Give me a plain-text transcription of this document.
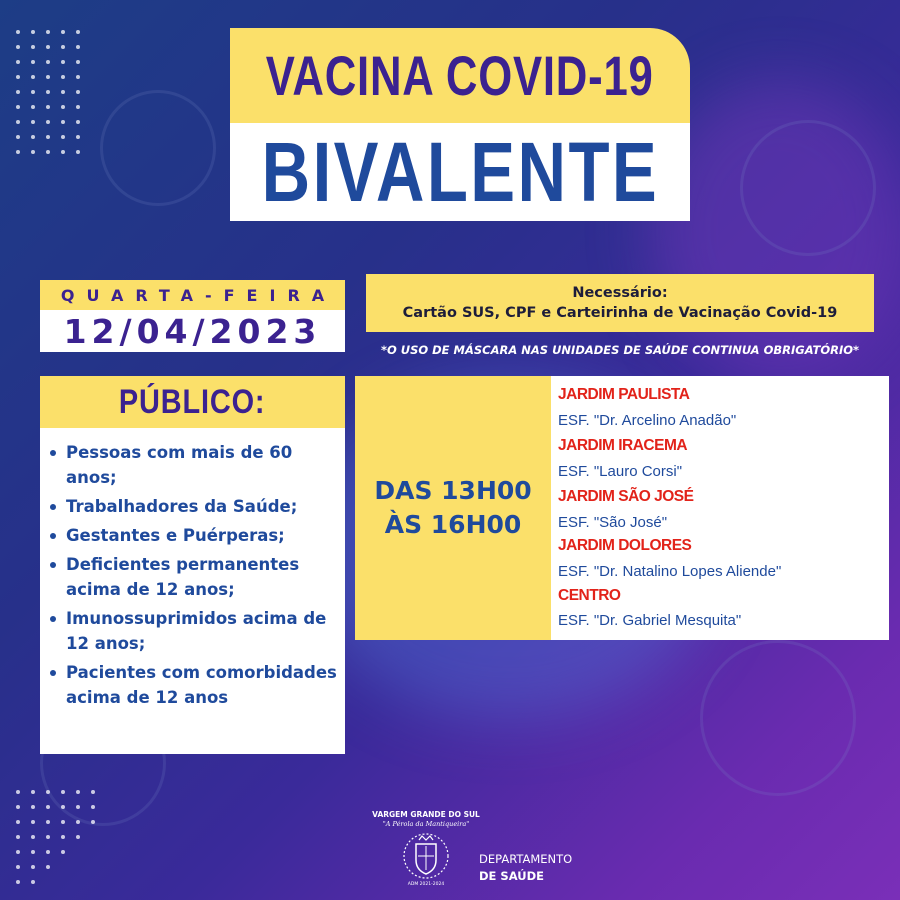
VACINA COVID-19
BIVALENTE
QUARTA-FEIRA
12/04/2023
Necessário:
Cartão SUS, CPF e Carteirinha de Vacinação Covid-19
*O USO DE MÁSCARA NAS UNIDADES DE SAÚDE CONTINUA OBRIGATÓRIO*
PÚBLICO:
Pessoas com mais de 60 anos;
Trabalhadores da Saúde;
Gestantes e Puérperas;
Deficientes permanentes acima de 12 anos;
Imunossuprimidos acima de 12 anos;
Pacientes com comorbidades acima de 12 anos
DAS 13H00
ÀS 16H00
JARDIM PAULISTA
ESF. "Dr. Arcelino Anadão"
JARDIM IRACEMA
ESF. "Lauro Corsi"
JARDIM SÃO JOSÉ
ESF. "São José"
JARDIM DOLORES
ESF. "Dr. Natalino Lopes Aliende"
CENTRO
ESF. "Dr. Gabriel Mesquita"
VARGEM GRANDE DO SUL
"A Pérola da Mantiqueira"
ADM 2021-2024
DEPARTAMENTO
DE SAÚDE
